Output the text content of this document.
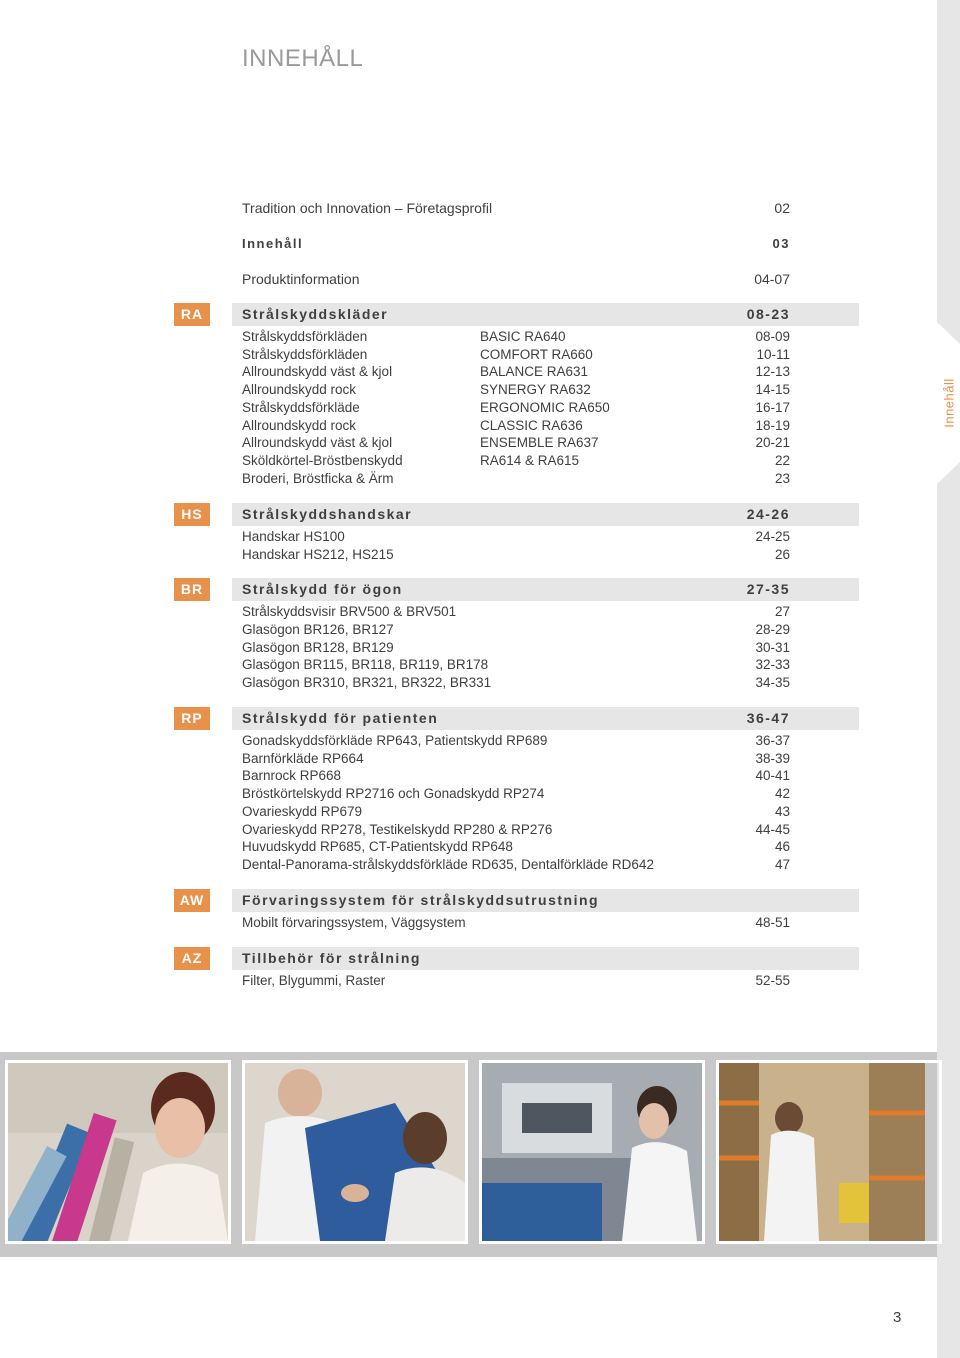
Innehåll
INNEHÅLL
Tradition och Innovation – Företagsprofil	02
Innehåll	03
Produktinformation	04-07
RA	Strålskyddskläder	08-23
Strålskyddsförkläden	BASIC RA640	08-09
Strålskyddsförkläden	COMFORT RA660	10-11
Allroundskydd väst & kjol	BALANCE RA631	12-13
Allroundskydd rock	SYNERGY RA632	14-15
Strålskyddsförkläde	ERGONOMIC RA650	16-17
Allroundskydd rock	CLASSIC RA636	18-19
Allroundskydd väst & kjol	ENSEMBLE RA637	20-21
Sköldkörtel-Bröstbenskydd	RA614 & RA615	22
Broderi, Bröstficka & Ärm	23
HS	Strålskyddshandskar	24-26
Handskar HS100	24-25
Handskar HS212, HS215	26
BR	Strålskydd för ögon	27-35
Strålskyddsvisir BRV500 & BRV501	27
Glasögon BR126, BR127	28-29
Glasögon BR128, BR129	30-31
Glasögon BR115, BR118, BR119, BR178	32-33
Glasögon BR310, BR321, BR322, BR331	34-35
RP	Strålskydd för patienten	36-47
Gonadskyddsförkläde RP643, Patientskydd RP689	36-37
Barnförkläde RP664	38-39
Barnrock RP668	40-41
Bröstkörtelskydd RP2716 och Gonadskydd RP274	42
Ovarieskydd RP679	43
Ovarieskydd RP278, Testikelskydd RP280 & RP276	44-45
Huvudskydd RP685, CT-Patientskydd RP648	46
Dental-Panorama-strålskyddsförkläde RD635, Dentalförkläde RD642	47
AW	Förvaringssystem för strålskyddsutrustning
Mobilt förvaringssystem, Väggsystem	48-51
AZ	Tillbehör för strålning
Filter, Blygummi, Raster	52-55
3
